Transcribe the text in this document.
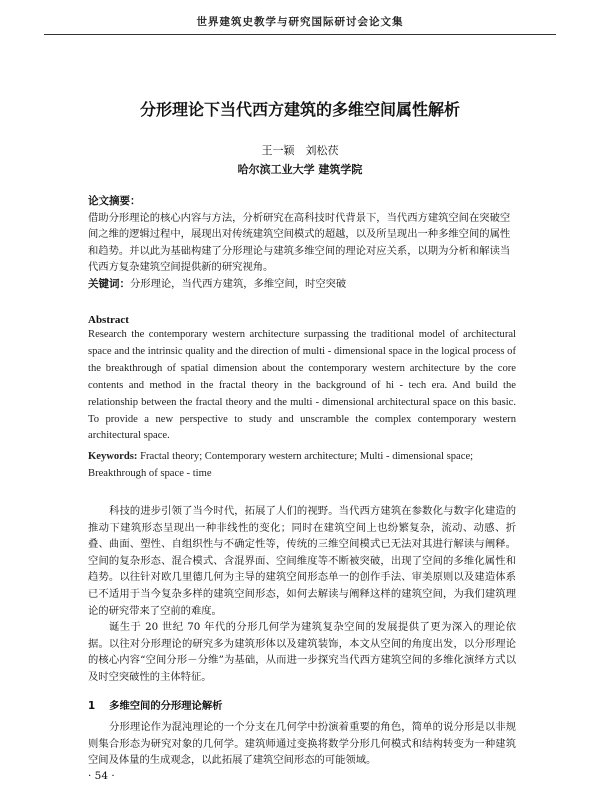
世界建筑史教学与研究国际研讨会论文集
分形理论下当代西方建筑的多维空间属性解析
王一颖　刘松茯
哈尔滨工业大学 建筑学院
论文摘要：

借助分形理论的核心内容与方法，分析研究在高科技时代背景下，当代西方建筑空间在突破空间之维的逻辑过程中，展现出对传统建筑空间模式的超越，以及所呈现出一种多维空间的属性和趋势。并以此为基础构建了分形理论与建筑多维空间的理论对应关系，以期为分析和解读当代西方复杂建筑空间提供新的研究视角。

关键词：分形理论，当代西方建筑，多维空间，时空突破
Abstract
Research the contemporary western architecture surpassing the traditional model of architectural space and the intrinsic quality and the direction of multi - dimensional space in the logical process of the breakthrough of spatial dimension about the contemporary western architecture by the core contents and method in the fractal theory in the background of hi - tech era. And build the relationship between the fractal theory and the multi - dimensional architectural space on this basic. To provide a new perspective to study and unscramble the complex contemporary western architectural space.
Keywords: Fractal theory; Contemporary western architecture; Multi - dimensional space; Breakthrough of space - time

科技的进步引领了当今时代，拓展了人们的视野。当代西方建筑在参数化与数字化建造的推动下建筑形态呈现出一种非线性的变化；同时在建筑空间上也纷繁复杂，流动、动感、折叠、曲面、塑性、自组织性与不确定性等，传统的三维空间模式已无法对其进行解读与阐释。空间的复杂形态、混合模式、含混界面、空间维度等不断被突破，出现了空间的多维化属性和趋势。以往针对欧几里德几何为主导的建筑空间形态单一的创作手法、审美原则以及建造体系已不适用于当今复杂多样的建筑空间形态，如何去解读与阐释这样的建筑空间，为我们建筑理论的研究带来了空前的难度。

诞生于 20 世纪 70 年代的分形几何学为建筑复杂空间的发展提供了更为深入的理论依据。以往对分形理论的研究多为建筑形体以及建筑装饰，本文从空间的角度出发，以分形理论的核心内容“空间分形－分维”为基础，从而进一步探究当代西方建筑空间的多维化演绎方式以及时空突破性的主体特征。

1 多维空间的分形理论解析

分形理论作为混沌理论的一个分支在几何学中扮演着重要的角色，简单的说分形是以非规则集合形态为研究对象的几何学。建筑师通过变换将数学分形几何模式和结构转变为一种建筑空间及体量的生成观念，以此拓展了建筑空间形态的可能领域。

· 54 ·
